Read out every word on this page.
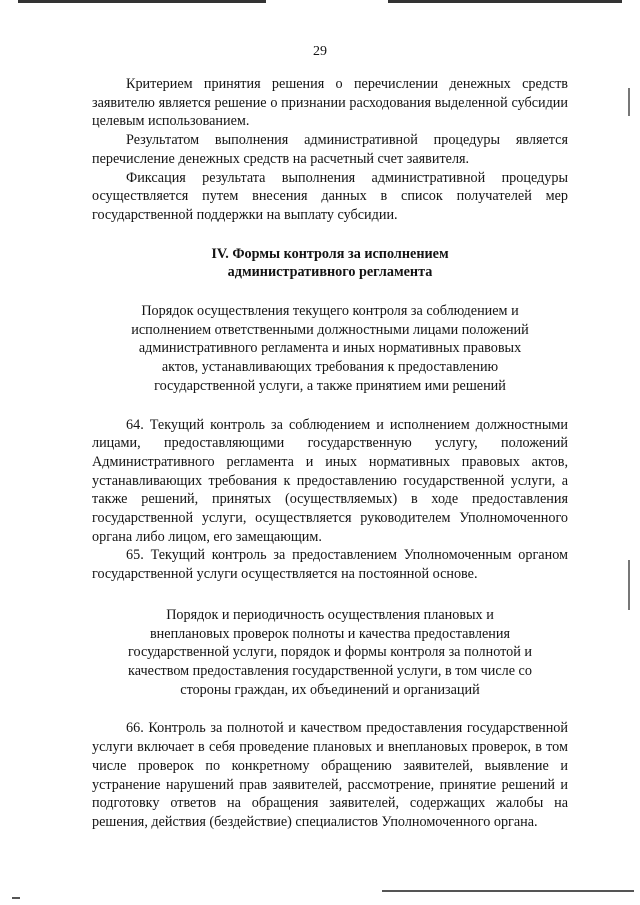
29

Критерием принятия решения о перечислении денежных средств заявителю является решение о признании расходования выделенной субсидии целевым использованием.

Результатом выполнения административной процедуры является перечисление денежных средств на расчетный счет заявителя.

Фиксация результата выполнения административной процедуры осуществляется путем внесения данных в список получателей мер государственной поддержки на выплату субсидии.

IV. Формы контроля за исполнением
административного регламента
Порядок осуществления текущего контроля за соблюдением и
исполнением ответственными должностными лицами положений
административного регламента и иных нормативных правовых
актов, устанавливающих требования к предоставлению
государственной услуги, а также принятием ими решений

64. Текущий контроль за соблюдением и исполнением должностными лицами, предоставляющими государственную услугу, положений Административного регламента и иных нормативных правовых актов, устанавливающих требования к предоставлению государственной услуги, а также решений, принятых (осуществляемых) в ходе предоставления государственной услуги, осуществляется руководителем Уполномоченного органа либо лицом, его замещающим.

65. Текущий контроль за предоставлением Уполномоченным органом государственной услуги осуществляется на постоянной основе.

Порядок и периодичность осуществления плановых и
внеплановых проверок полноты и качества предоставления
государственной услуги, порядок и формы контроля за полнотой и
качеством предоставления государственной услуги, в том числе со
стороны граждан, их объединений и организаций

66. Контроль за полнотой и качеством предоставления государственной услуги включает в себя проведение плановых и внеплановых проверок, в том числе проверок по конкретному обращению заявителей, выявление и устранение нарушений прав заявителей, рассмотрение, принятие решений и подготовку ответов на обращения заявителей, содержащих жалобы на решения, действия (бездействие) специалистов Уполномоченного органа.
